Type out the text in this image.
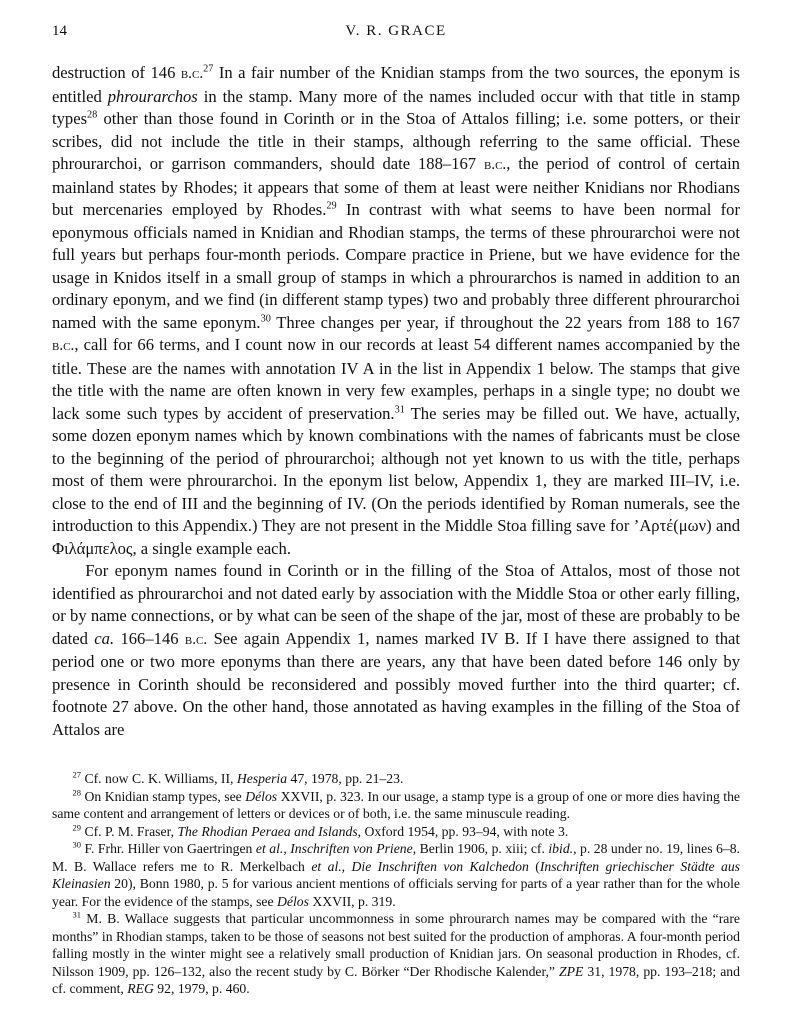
14	V. R. GRACE

destruction of 146 b.c.$^{27}$ In a fair number of the Knidian stamps from the two sources, the eponym is entitled phrourarchos in the stamp. Many more of the names included occur with that title in stamp types$^{28}$ other than those found in Corinth or in the Stoa of Attalos filling; i.e. some potters, or their scribes, did not include the title in their stamps, although referring to the same official. These phrourarchoi, or garrison commanders, should date 188–167 b.c., the period of control of certain mainland states by Rhodes; it appears that some of them at least were neither Knidians nor Rhodians but mercenaries employed by Rhodes.$^{29}$ In contrast with what seems to have been normal for eponymous officials named in Knidian and Rhodian stamps, the terms of these phrourarchoi were not full years but perhaps four-month periods. Compare practice in Priene, but we have evidence for the usage in Knidos itself in a small group of stamps in which a phrourarchos is named in addition to an ordinary eponym, and we find (in different stamp types) two and probably three different phrourarchoi named with the same eponym.$^{30}$ Three changes per year, if throughout the 22 years from 188 to 167 b.c., call for 66 terms, and I count now in our records at least 54 different names accompanied by the title. These are the names with annotation IV A in the list in Appendix 1 below. The stamps that give the title with the name are often known in very few examples, perhaps in a single type; no doubt we lack some such types by accident of preservation.$^{31}$ The series may be filled out. We have, actually, some dozen eponym names which by known combinations with the names of fabricants must be close to the beginning of the period of phrourarchoi; although not yet known to us with the title, perhaps most of them were phrourarchoi. In the eponym list below, Appendix 1, they are marked III–IV, i.e. close to the end of III and the beginning of IV. (On the periods identified by Roman numerals, see the introduction to this Appendix.) They are not present in the Middle Stoa filling save for ’Αρτέ(μων) and Φιλάμπελος, a single example each.

For eponym names found in Corinth or in the filling of the Stoa of Attalos, most of those not identified as phrourarchoi and not dated early by association with the Middle Stoa or other early filling, or by name connections, or by what can be seen of the shape of the jar, most of these are probably to be dated ca. 166–146 b.c. See again Appendix 1, names marked IV B. If I have there assigned to that period one or two more eponyms than there are years, any that have been dated before 146 only by presence in Corinth should be reconsidered and possibly moved further into the third quarter; cf. footnote 27 above. On the other hand, those annotated as having examples in the filling of the Stoa of Attalos are

$^{27}$ Cf. now C. K. Williams, II, Hesperia 47, 1978, pp. 21–23.

$^{28}$ On Knidian stamp types, see Délos XXVII, p. 323. In our usage, a stamp type is a group of one or more dies having the same content and arrangement of letters or devices or of both, i.e. the same minuscule reading.

$^{29}$ Cf. P. M. Fraser, The Rhodian Peraea and Islands, Oxford 1954, pp. 93–94, with note 3.

$^{30}$ F. Frhr. Hiller von Gaertringen et al., Inschriften von Priene, Berlin 1906, p. xiii; cf. ibid., p. 28 under no. 19, lines 6–8. M. B. Wallace refers me to R. Merkelbach et al., Die Inschriften von Kalchedon (Inschriften griechischer Städte aus Kleinasien 20), Bonn 1980, p. 5 for various ancient mentions of officials serving for parts of a year rather than for the whole year. For the evidence of the stamps, see Délos XXVII, p. 319.

$^{31}$ M. B. Wallace suggests that particular uncommonness in some phrourarch names may be compared with the “rare months” in Rhodian stamps, taken to be those of seasons not best suited for the production of amphoras. A four-month period falling mostly in the winter might see a relatively small production of Knidian jars. On seasonal production in Rhodes, cf. Nilsson 1909, pp. 126–132, also the recent study by C. Börker “Der Rhodische Kalender,” ZPE 31, 1978, pp. 193–218; and cf. comment, REG 92, 1979, p. 460.
